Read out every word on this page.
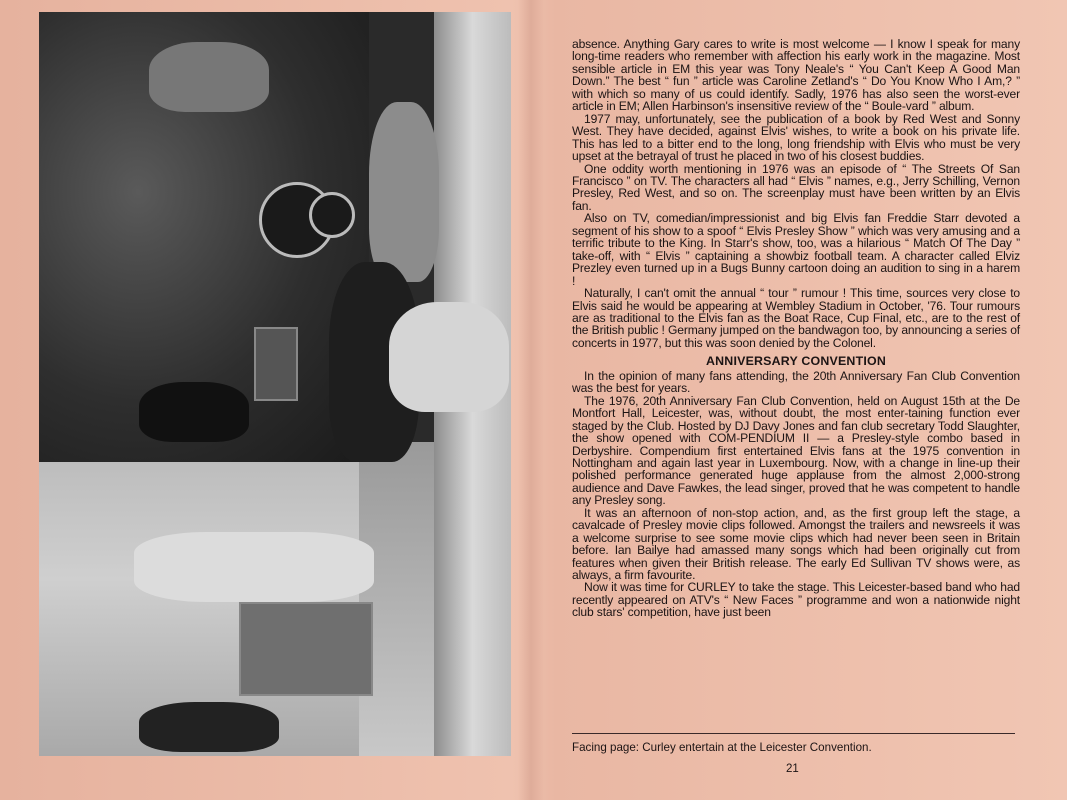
absence. Anything Gary cares to write is most welcome — I know I speak for many long-time readers who remember with affection his early work in the magazine. Most sensible article in EM this year was Tony Neale's “ You Can't Keep A Good Man Down.” The best “ fun ” article was Caroline Zetland's “ Do You Know Who I Am,? ” with which so many of us could identify. Sadly, 1976 has also seen the worst-ever article in EM; Allen Harbinson's insensitive review of the “ Boule-vard ” album.

1977 may, unfortunately, see the publication of a book by Red West and Sonny West. They have decided, against Elvis' wishes, to write a book on his private life. This has led to a bitter end to the long, long friendship with Elvis who must be very upset at the betrayal of trust he placed in two of his closest buddies.

One oddity worth mentioning in 1976 was an episode of “ The Streets Of San Francisco ” on TV. The characters all had “ Elvis ” names, e.g., Jerry Schilling, Vernon Presley, Red West, and so on. The screenplay must have been written by an Elvis fan.

Also on TV, comedian/impressionist and big Elvis fan Freddie Starr devoted a segment of his show to a spoof “ Elvis Presley Show ” which was very amusing and a terrific tribute to the King. In Starr's show, too, was a hilarious “ Match Of The Day ” take-off, with “ Elvis ” captaining a showbiz football team. A character called Elviz Prezley even turned up in a Bugs Bunny cartoon doing an audition to sing in a harem !

Naturally, I can't omit the annual “ tour ” rumour ! This time, sources very close to Elvis said he would be appearing at Wembley Stadium in October, '76. Tour rumours are as traditional to the Elvis fan as the Boat Race, Cup Final, etc., are to the rest of the British public ! Germany jumped on the bandwagon too, by announcing a series of concerts in 1977, but this was soon denied by the Colonel.

ANNIVERSARY CONVENTION

In the opinion of many fans attending, the 20th Anniversary Fan Club Convention was the best for years.

The 1976, 20th Anniversary Fan Club Convention, held on August 15th at the De Montfort Hall, Leicester, was, without doubt, the most enter-taining function ever staged by the Club. Hosted by DJ Davy Jones and fan club secretary Todd Slaughter, the show opened with COM-PENDIUM II — a Presley-style combo based in Derbyshire. Compendium first entertained Elvis fans at the 1975 convention in Nottingham and again last year in Luxembourg. Now, with a change in line-up their polished performance generated huge applause from the almost 2,000-strong audience and Dave Fawkes, the lead singer, proved that he was competent to handle any Presley song.

It was an afternoon of non-stop action, and, as the first group left the stage, a cavalcade of Presley movie clips followed. Amongst the trailers and newsreels it was a welcome surprise to see some movie clips which had never been seen in Britain before. Ian Bailye had amassed many songs which had been originally cut from features when given their British release. The early Ed Sullivan TV shows were, as always, a firm favourite.

Now it was time for CURLEY to take the stage. This Leicester-based band who had recently appeared on ATV's “ New Faces ” programme and won a nationwide night club stars' competition, have just been

Facing page: Curley entertain at the Leicester Convention.
21
